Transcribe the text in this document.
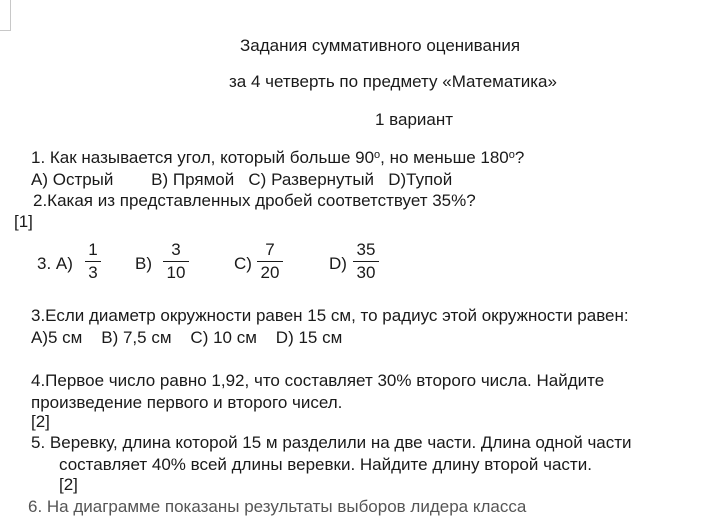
Задания суммативного оценивания
за 4 четверть по предмету «Математика»
1 вариант
1. Как называется угол, который больше 90$^o$, но меньше 180$^o$?
А) Острый        В) Прямой   С) Развернутый   D)Тупой
2.Какая из представленных дробей соответствует 35%?
[1]
3. А)
1
3 В)
3
10	С)
7
20	D)
35
30
3.Если диаметр окружности равен 15 см, то радиус этой окружности равен:
А)5 см    В) 7,5 см    С) 10 см    D) 15 см
4.Первое число равно 1,92, что составляет 30% второго числа. Найдите
произведение первого и второго чисел.
[2]
5. Веревку, длина которой 15 м разделили на две части. Длина одной части
составляет 40% всей длины веревки. Найдите длину второй части.
[2]
6. На диаграмме показаны результаты выборов лидера класса
